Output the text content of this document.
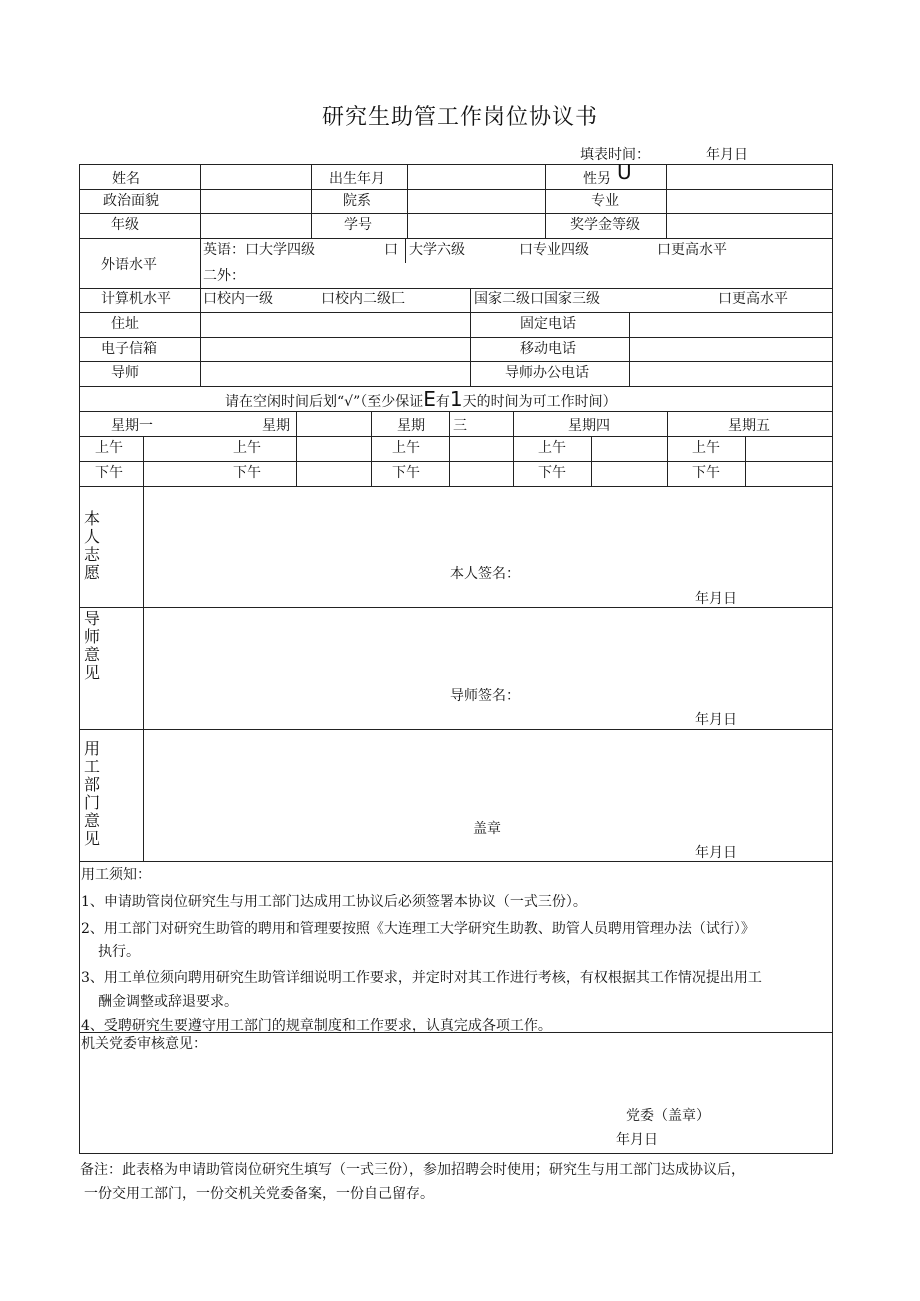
研究生助管工作岗位协议书
填表时间：	年月日
姓名	出生年月	性另 U
政治面貌	院系	专业
年级	学号	奖学金等级
外语水平
英语：口大学四级	口 大学六级	口专业四级	口更高水平
二外：
计算机水平 口校内一级	口校内二级匚	国家二级口国家三级	口更高水平
住址	固定电话
电子信箱	移动电话
导师	导师办公电话
请在空闲时间后划“√”（至少保证E有1天的时间为可工作时间）
星期一	星期	星期 三	星期四	星期五
上午	上午	上午	上午	上午
下午	下午	下午	下午	下午
本人志愿	本人签名：
年月日
导师意见
导师签名：
年月日
用工部门意见	盖章
年月日
用工须知：
1、申请助管岗位研究生与用工部门达成用工协议后必须签署本协议（一式三份）。
2、用工部门对研究生助管的聘用和管理要按照《大连理工大学研究生助教、助管人员聘用管理办法（试行）》
执行。
3、用工单位须向聘用研究生助管详细说明工作要求，并定时对其工作进行考核，有权根据其工作情况提出用工
酬金调整或辞退要求。
4、受聘研究生要遵守用工部门的规章制度和工作要求，认真完成各项工作。
机关党委审核意见：
党委（盖章）
年月日
备注：此表格为申请助管岗位研究生填写（一式三份），参加招聘会时使用；研究生与用工部门达成协议后，
一份交用工部门，一份交机关党委备案，一份自己留存。
